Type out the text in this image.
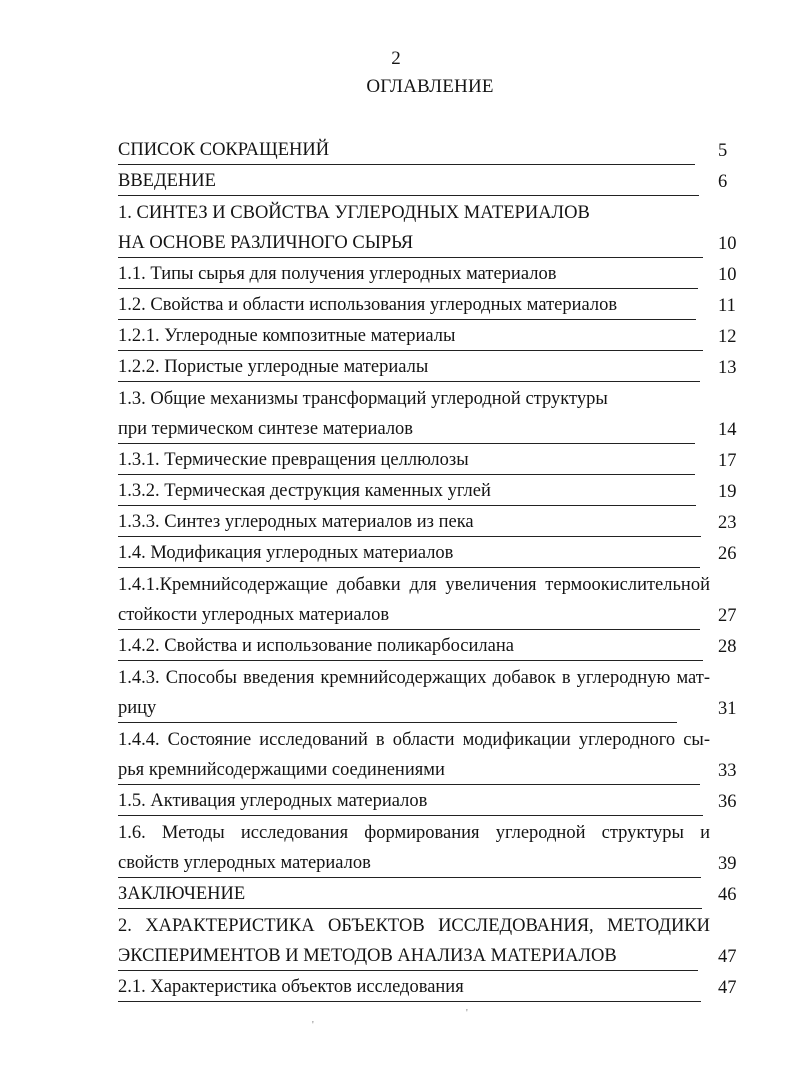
2
ОГЛАВЛЕНИЕ
СПИСОК СОКРАЩЕНИЙ	5
ВВЕДЕНИЕ	6
1. СИНТЕЗ И СВОЙСТВА УГЛЕРОДНЫХ МАТЕРИАЛОВ
НА ОСНОВЕ РАЗЛИЧНОГО СЫРЬЯ	10
1.1. Типы сырья для получения углеродных материалов	10
1.2. Свойства и области использования углеродных материалов	11
1.2.1. Углеродные композитные материалы	12
1.2.2. Пористые углеродные материалы	13
1.3. Общие механизмы трансформаций углеродной структуры
при термическом синтезе материалов	14
1.3.1. Термические превращения целлюлозы	17
1.3.2. Термическая деструкция каменных углей	19
1.3.3. Синтез углеродных материалов из пека	23
1.4. Модификация углеродных материалов	26
1.4.1.Кремнийсодержащие добавки для увеличения термоокислительной
стойкости углеродных материалов	27
1.4.2. Свойства и использование поликарбосилана	28
1.4.3. Способы введения кремнийсодержащих добавок в углеродную мат-
рицу	31
1.4.4. Состояние исследований в области модификации углеродного сы-
рья кремнийсодержащими соединениями	33
1.5. Активация углеродных материалов	36
1.6. Методы исследования формирования углеродной структуры и
свойств углеродных материалов	39
ЗАКЛЮЧЕНИЕ	46
2. ХАРАКТЕРИСТИКА ОБЪЕКТОВ ИССЛЕДОВАНИЯ, МЕТОДИКИ
ЭКСПЕРИМЕНТОВ И МЕТОДОВ АНАЛИЗА МАТЕРИАЛОВ	47
2.1. Характеристика объектов исследования	47
'
'
